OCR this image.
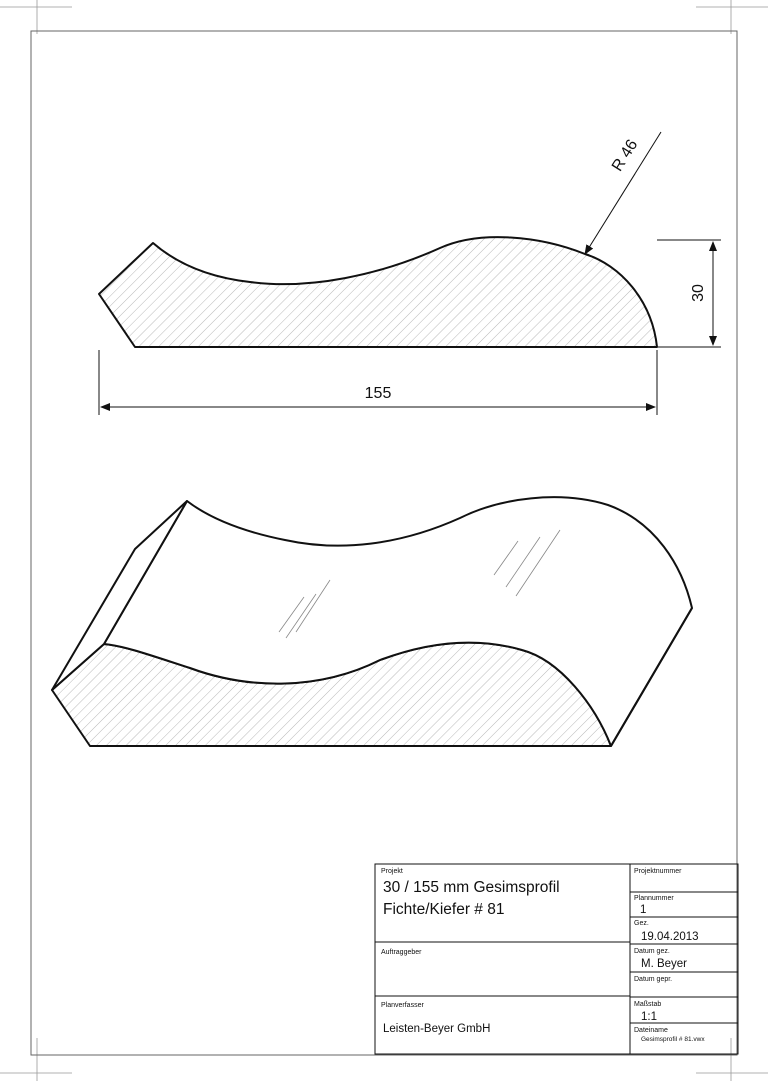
R 46
30
155
Projekt
30 / 155 mm Gesimsprofil
Fichte/Kiefer # 81
Auftraggeber
Planverfasser
Leisten-Beyer GmbH
Projektnummer
Plannummer
1
Gez.
19.04.2013
Datum gez.
M. Beyer
Datum gepr.
Maßstab
1:1
Dateiname
Gesimsprofil # 81.vwx
